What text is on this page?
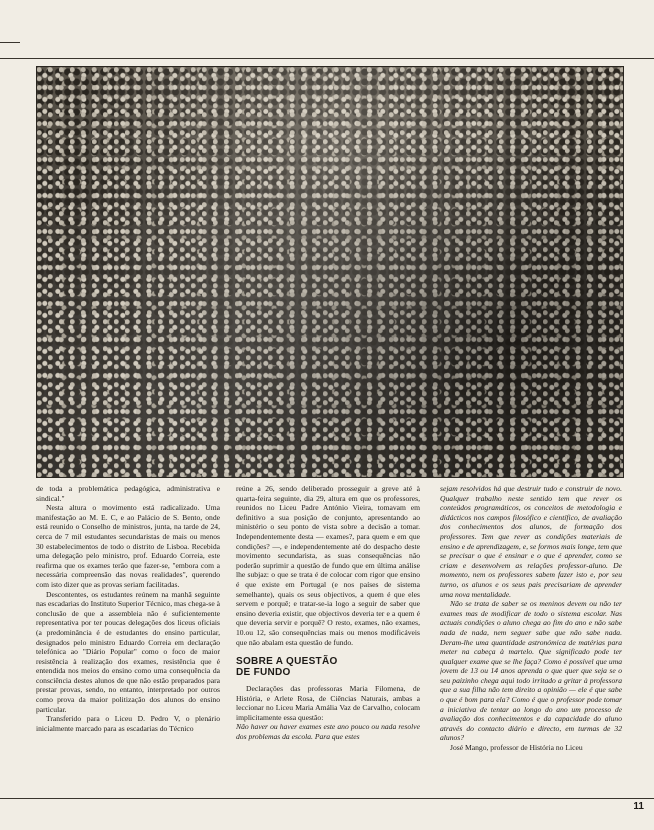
de toda a problemática pedagógica, administrativa e sindical."

Nesta altura o movimento está radicalizado. Uma manifestação ao M. E. C, e ao Palácio de S. Bento, onde está reunido o Conselho de ministros, junta, na tarde de 24, cerca de 7 mil estudantes secundaristas de mais ou menos 30 estabelecimentos de todo o distrito de Lisboa. Recebida uma delegação pelo ministro, prof. Eduardo Correia, este reafirma que os exames terão que fazer-se, "embora com a necessária compreensão das novas realidades", querendo com isto dizer que as provas seriam facilitadas.

Descontentes, os estudantes reúnem na manhã seguinte nas escadarias do Instituto Superior Técnico, mas chega-se à conclusão de que a assembleia não é suficientemente representativa por ter poucas delegações dos liceus oficiais (a predominância é de estudantes do ensino particular, designados pelo ministro Eduardo Correia em declaração telefónica ao "Diário Popular" como o foco de maior resistência à realização dos exames, resistência que é entendida nos meios do ensino como uma consequência da consciência destes alunos de que não estão preparados para prestar provas, sendo, no entanto, interpretado por outros como prova da maior politização dos alunos do ensino particular.

Transferido para o Liceu D. Pedro V, o plenário inicialmente marcado para as escadarias do Técnico

reúne a 26, sendo deliberado prosseguir a greve até à quarta-feira seguinte, dia 29, altura em que os professores, reunidos no Liceu Padre António Vieira, tomavam em definitivo a sua posição de conjunto, apresentando ao ministério o seu ponto de vista sobre a decisão a tomar. Independentemente desta — exames?, para quem e em que condições? —, e independentemente até do despacho deste movimento secundarista, as suas consequências não poderão suprimir a questão de fundo que em última análise lhe subjaz: o que se trata é de colocar com rigor que ensino é que existe em Portugal (e nos países de sistema semelhante), quais os seus objectivos, a quem é que eles servem e porquê; e tratar-se-ia logo a seguir de saber que ensino deveria existir, que objectivos deveria ter e a quem é que deveria servir e porquê? O resto, exames, não exames, 10.ou 12, são consequências mais ou menos modificáveis que não abalam esta questão de fundo.

SOBRE A QUESTÃO
DE FUNDO

Declarações das professoras Maria Filomena, de História, e Arlete Rosa, de Ciências Naturais, ambas a leccionar no Liceu Maria Amália Vaz de Carvalho, colocam implicitamente essa questão:

Não haver ou haver exames este ano pouco ou nada resolve dos problemas da escola. Para que estes

sejam resolvidos há que destruir tudo e construir de novo. Qualquer trabalho neste sentido tem que rever os conteúdos programáticos, os conceitos de metodologia e didácticos nos campos filosófico e científico, de avaliação dos conhecimentos dos alunos, de formação dos professores. Tem que rever as condições materiais de ensino e de aprendizagem, e, se formos mais longe, tem que se precisar o que é ensinar e o que é aprender, como se criam e desenvolvem as relações professor-aluno. De momento, nem os professores sabem fazer isto e, por seu turno, os alunos e os seus pais precisariam de aprender uma nova mentalidade.

Não se trata de saber se os meninos devem ou não ter exames mas de modificar de todo o sistema escolar. Nas actuais condições o aluno chega ao fim do ano e não sabe nada de nada, nem seguer sabe que não sabe nada. Deram-lhe uma quantidade astronómica de matérias para meter na cabeça à martelo. Que significado pode ter qualquer exame que se lhe faça? Como é possível que uma jovem de 13 ou 14 anos aprenda o que quer que seja se o seu paizinho chega aqui todo irritado a gritar à professora que a sua filha não tem direito a opinião — ele é que sabe o que é bom para ela? Como é que o professor pode tomar a iniciativa de tentar ao longo do ano um processo de avaliação dos conhecimentos e da capacidade do aluno através do contacto diário e directo, em turmas de 32 alunos?

José Mango, professor de História no Liceu

11
